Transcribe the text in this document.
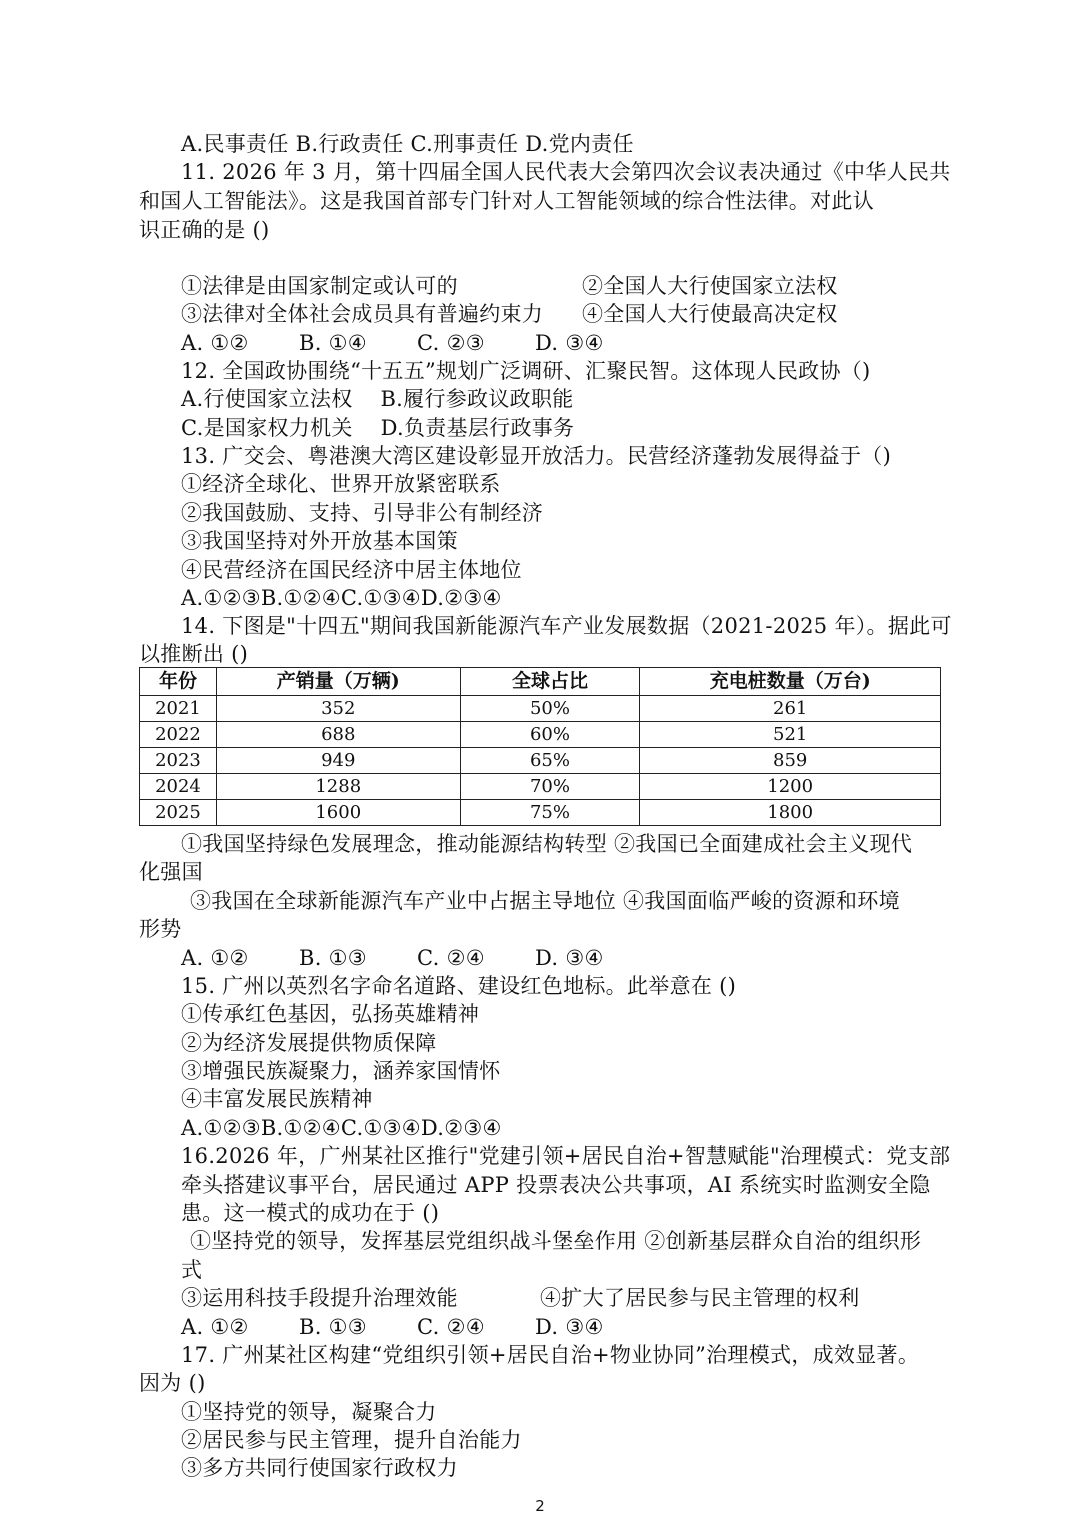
A.民事责任 B.行政责任 C.刑事责任 D.党内责任
11. 2026 年 3 月，第十四届全国人民代表大会第四次会议表决通过《中华人民共
和国人工智能法》。这是我国首部专门针对人工智能领域的综合性法律。对此认
识正确的是 ()
①法律是由国家制定或认可的	②全国人大行使国家立法权
③法律对全体社会成员具有普遍约束力 ④全国人大行使最高决定权
A. ①② B. ①④ C. ②③ D. ③④
12. 全国政协围绕“十五五”规划广泛调研、汇聚民智。这体现人民政协（)
A.行使国家立法权    B.履行参政议政职能
C.是国家权力机关    D.负责基层行政事务
13. 广交会、粤港澳大湾区建设彰显开放活力。民营经济蓬勃发展得益于（)
①经济全球化、世界开放紧密联系
②我国鼓励、支持、引导非公有制经济
③我国坚持对外开放基本国策
④民营经济在国民经济中居主体地位
A.①②③B.①②④C.①③④D.②③④
14. 下图是"十四五"期间我国新能源汽车产业发展数据（2021-2025 年）。据此可
以推断出 ()
年份	产销量（万辆)	全球占比	充电桩数量（万台)
2021	352	50%	261
2022	688	60%	521
2023	949	65%	859
2024	1288	70%	1200
2025	1600	75%	1800
①我国坚持绿色发展理念，推动能源结构转型 ②我国已全面建成社会主义现代
化强国
③我国在全球新能源汽车产业中占据主导地位 ④我国面临严峻的资源和环境
形势
A. ①② B. ①③ C. ②④ D. ③④
15. 广州以英烈名字命名道路、建设红色地标。此举意在 ()
①传承红色基因，弘扬英雄精神
②为经济发展提供物质保障
③增强民族凝聚力，涵养家国情怀
④丰富发展民族精神
A.①②③B.①②④C.①③④D.②③④
16.2026 年，广州某社区推行"党建引领+居民自治+智慧赋能"治理模式：党支部
牵头搭建议事平台，居民通过 APP 投票表决公共事项，AI 系统实时监测安全隐
患。这一模式的成功在于 ()
①坚持党的领导，发挥基层党组织战斗堡垒作用 ②创新基层群众自治的组织形
式
③运用科技手段提升治理效能	④扩大了居民参与民主管理的权利
A. ①② B. ①③ C. ②④ D. ③④
17. 广州某社区构建“党组织引领+居民自治+物业协同”治理模式，成效显著。
因为 ()
①坚持党的领导，凝聚合力
②居民参与民主管理，提升自治能力
③多方共同行使国家行政权力
2
